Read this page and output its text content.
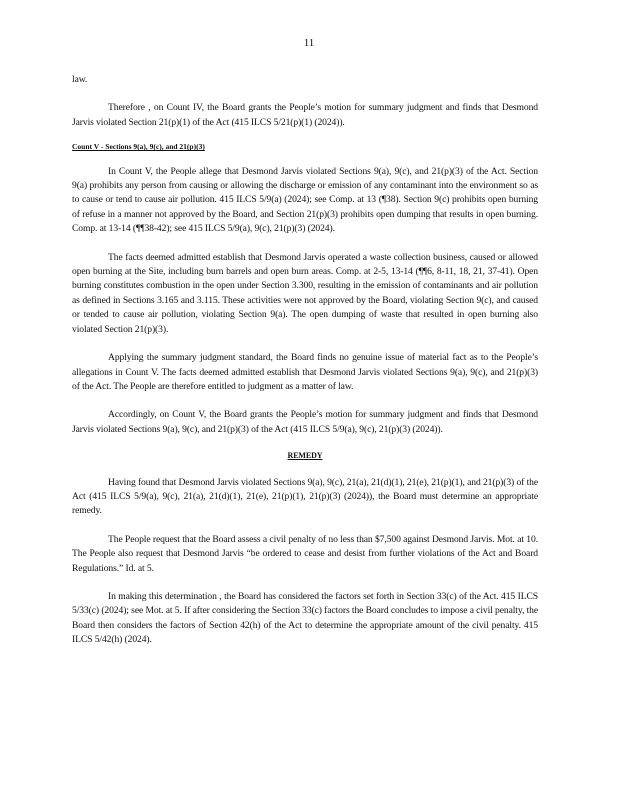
11

law.

Therefore , on Count IV, the Board grants the People’s motion for summary judgment and finds that Desmond Jarvis violated Section 21(p)(1) of the Act (415 ILCS 5/21(p)(1) (2024)).

Count V - Sections 9(a), 9(c), and 21(p)(3)

In Count V, the People allege that Desmond Jarvis violated Sections 9(a), 9(c), and 21(p)(3) of the Act. Section 9(a) prohibits any person from causing or allowing the discharge or emission of any contaminant into the environment so as to cause or tend to cause air pollution. 415 ILCS 5/9(a) (2024); see Comp. at 13 (¶38). Section 9(c) prohibits open burning of refuse in a manner not approved by the Board, and Section 21(p)(3) prohibits open dumping that results in open burning. Comp. at 13-14 (¶¶38-42); see 415 ILCS 5/9(a), 9(c), 21(p)(3) (2024).

The facts deemed admitted establish that Desmond Jarvis operated a waste collection business, caused or allowed open burning at the Site, including burn barrels and open burn areas. Comp. at 2-5, 13-14 (¶¶6, 8-11, 18, 21, 37-41). Open burning constitutes combustion in the open under Section 3.300, resulting in the emission of contaminants and air pollution as defined in Sections 3.165 and 3.115. These activities were not approved by the Board, violating Section 9(c), and caused or tended to cause air pollution, violating Section 9(a). The open dumping of waste that resulted in open burning also violated Section 21(p)(3).

Applying the summary judgment standard, the Board finds no genuine issue of material fact as to the People’s allegations in Count V. The facts deemed admitted establish that Desmond Jarvis violated Sections 9(a), 9(c), and 21(p)(3) of the Act. The People are therefore entitled to judgment as a matter of law.

Accordingly, on Count V, the Board grants the People’s motion for summary judgment and finds that Desmond Jarvis violated Sections 9(a), 9(c), and 21(p)(3) of the Act (415 ILCS 5/9(a), 9(c), 21(p)(3) (2024)).

REMEDY

Having found that Desmond Jarvis violated Sections 9(a), 9(c), 21(a), 21(d)(1), 21(e), 21(p)(1), and 21(p)(3) of the Act (415 ILCS 5/9(a), 9(c), 21(a), 21(d)(1), 21(e), 21(p)(1), 21(p)(3) (2024)), the Board must determine an appropriate remedy.

The People request that the Board assess a civil penalty of no less than $7,500 against Desmond Jarvis. Mot. at 10. The People also request that Desmond Jarvis “be ordered to cease and desist from further violations of the Act and Board Regulations.” Id. at 5.

In making this determination , the Board has considered the factors set forth in Section 33(c) of the Act. 415 ILCS 5/33(c) (2024); see Mot. at 5. If after considering the Section 33(c) factors the Board concludes to impose a civil penalty, the Board then considers the factors of Section 42(h) of the Act to determine the appropriate amount of the civil penalty. 415 ILCS 5/42(h) (2024).
